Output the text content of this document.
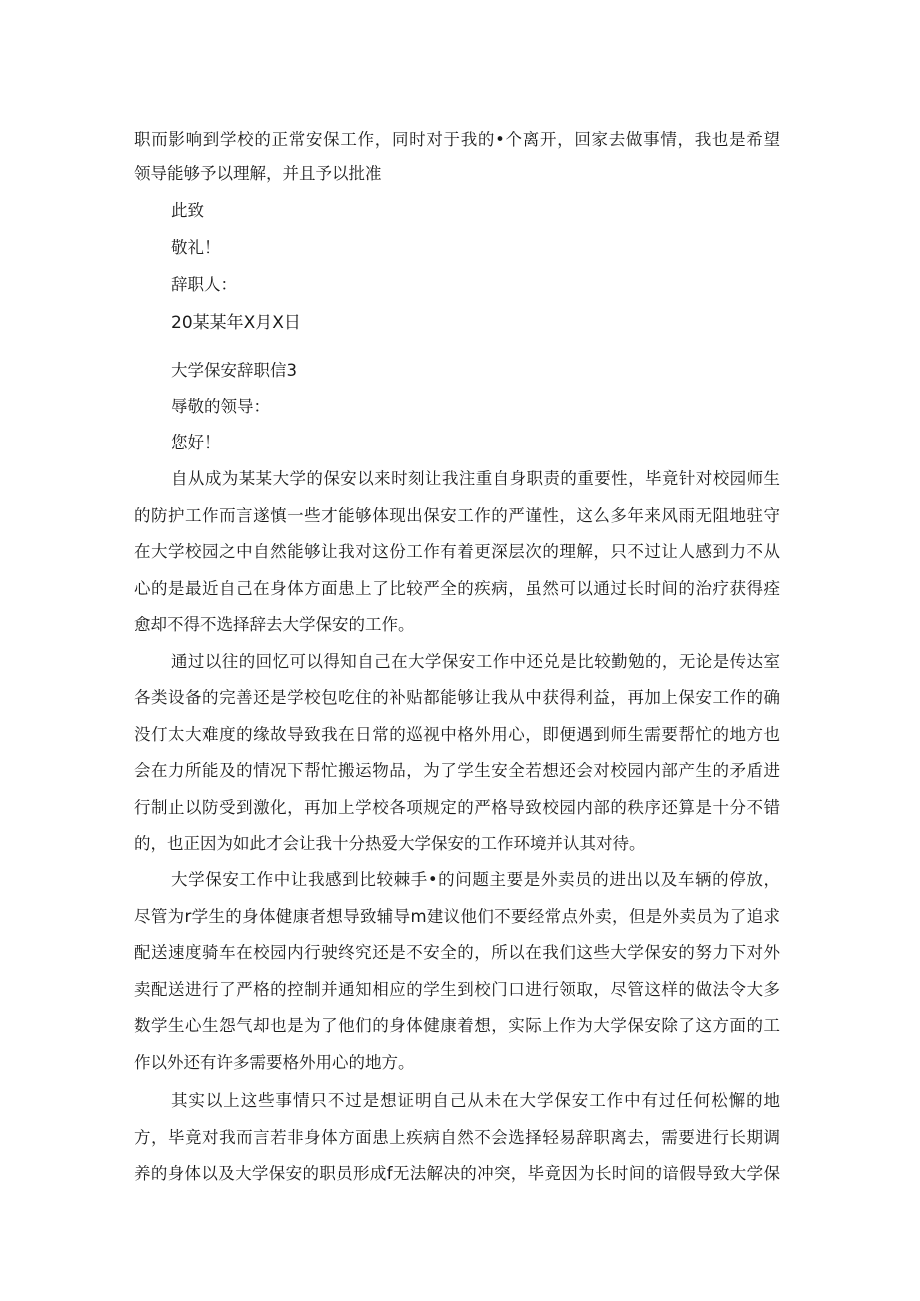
职而影响到学校的正常安保工作，同时对于我的•个离开，回家去做事情，我也是希望
领导能够予以理解，并且予以批准
此致
敬礼！
辞职人：
20某某年X月X日
大学保安辞职信3
辱敬的领导：
您好！
自从成为某某大学的保安以来时刻让我注重自身职责的重要性，毕竟针对校园师生
的防护工作而言遂慎一些才能够体现出保安工作的严谨性，这么多年来风雨无阻地驻守
在大学校园之中自然能够让我对这份工作有着更深层次的理解，只不过让人感到力不从
心的是最近自己在身体方面患上了比较严全的疾病，虽然可以通过长时间的治疗获得痊
愈却不得不选择辞去大学保安的工作。
通过以往的回忆可以得知自己在大学保安工作中还兑是比较勤勉的，无论是传达室
各类设备的完善还是学校包吃住的补贴都能够让我从中获得利益，再加上保安工作的确
没仃太大难度的缘故导致我在日常的巡视中格外用心，即便遇到师生需要帮忙的地方也
会在力所能及的情况下帮忙搬运物品，为了学生安全若想还会对校园内部产生的矛盾进
行制止以防受到激化，再加上学校各项规定的严格导致校园内部的秩序还算是十分不错
的，也正因为如此才会让我十分热爱大学保安的工作环境并认其对待。
大学保安工作中让我感到比较棘手•的问题主要是外卖员的进出以及车辆的停放，
尽管为r学生的身体健康者想导致辅导m建议他们不要经常点外卖，但是外卖员为了追求
配送速度骑车在校园内行驶终究还是不安全的，所以在我们这些大学保安的努力下对外
卖配送进行了严格的控制并通知相应的学生到校门口进行领取，尽管这样的做法令大多
数学生心生怨气却也是为了他们的身体健康着想，实际上作为大学保安除了这方面的工
作以外还有许多需要格外用心的地方。
其实以上这些事情只不过是想证明自己从未在大学保安工作中有过任何松懈的地
方，毕竟对我而言若非身体方面患上疾病自然不会选择轻易辞职离去，需要进行长期调
养的身体以及大学保安的职员形成f无法解决的冲突，毕竟因为长时间的谙假导致大学保
